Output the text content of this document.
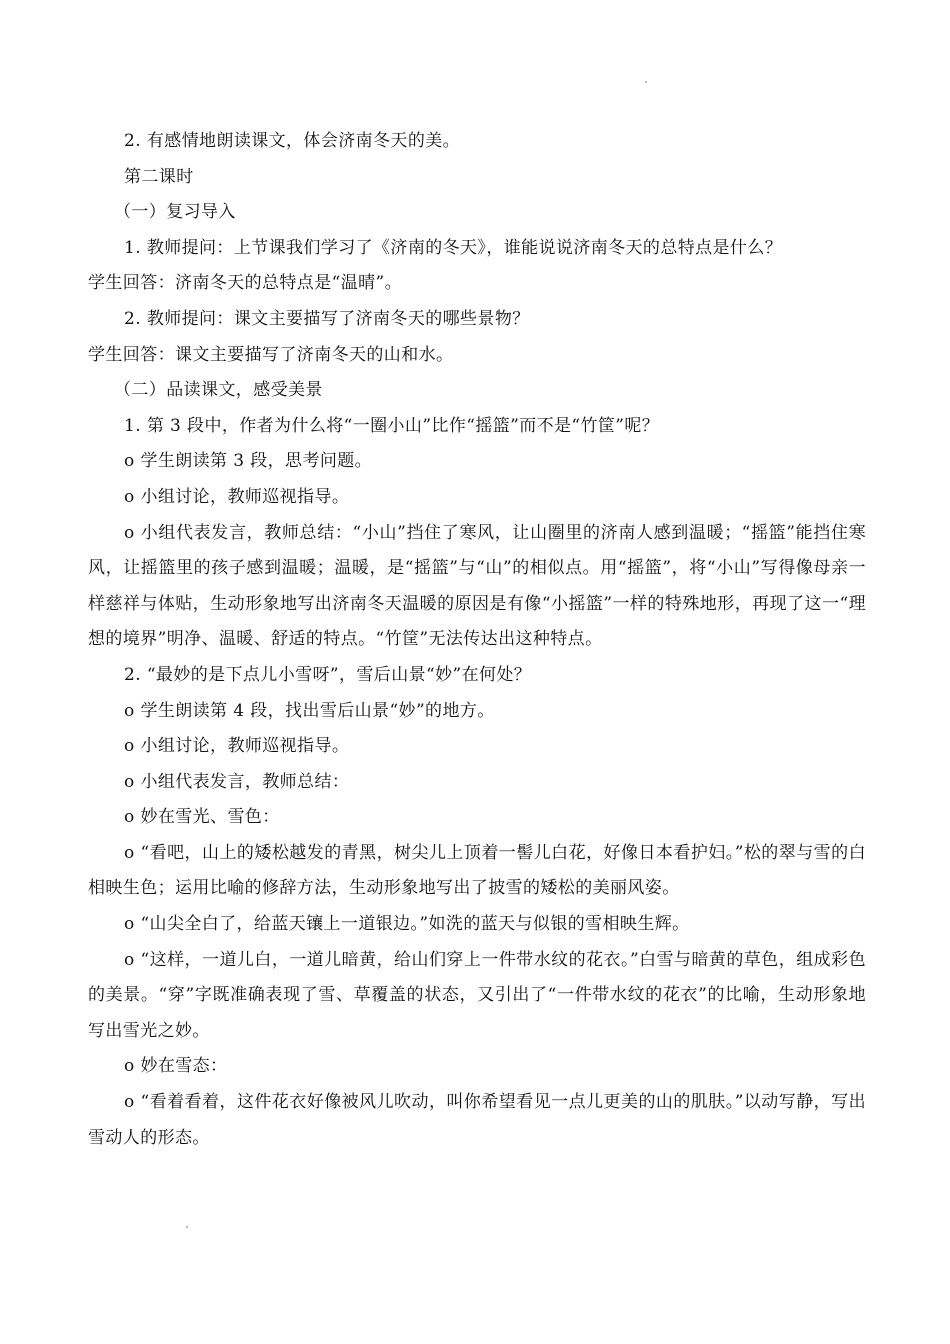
2. 有感情地朗读课文，体会济南冬天的美。

第二课时

（一）复习导入

1. 教师提问：上节课我们学习了《济南的冬天》，谁能说说济南冬天的总特点是什么？

学生回答：济南冬天的总特点是“温晴”。

2. 教师提问：课文主要描写了济南冬天的哪些景物？

学生回答：课文主要描写了济南冬天的山和水。

（二）品读课文，感受美景

1. 第 3 段中，作者为什么将“一圈小山”比作“摇篮”而不是“竹筐”呢？

o 学生朗读第 3 段，思考问题。

o 小组讨论，教师巡视指导。

o 小组代表发言，教师总结：“小山”挡住了寒风，让山圈里的济南人感到温暖；“摇篮”能挡住寒风，让摇篮里的孩子感到温暖；温暖，是“摇篮”与“山”的相似点。用“摇篮”，将“小山”写得像母亲一样慈祥与体贴，生动形象地写出济南冬天温暖的原因是有像“小摇篮”一样的特殊地形，再现了这一“理想的境界”明净、温暖、舒适的特点。“竹筐”无法传达出这种特点。

2. “最妙的是下点儿小雪呀”，雪后山景“妙”在何处？

o 学生朗读第 4 段，找出雪后山景“妙”的地方。

o 小组讨论，教师巡视指导。

o 小组代表发言，教师总结：

o 妙在雪光、雪色：

o “看吧，山上的矮松越发的青黑，树尖儿上顶着一髻儿白花，好像日本看护妇。”松的翠与雪的白相映生色；运用比喻的修辞方法，生动形象地写出了披雪的矮松的美丽风姿。

o “山尖全白了，给蓝天镶上一道银边。”如洗的蓝天与似银的雪相映生辉。

o “这样，一道儿白，一道儿暗黄，给山们穿上一件带水纹的花衣。”白雪与暗黄的草色，组成彩色的美景。“穿”字既准确表现了雪、草覆盖的状态，又引出了“一件带水纹的花衣”的比喻，生动形象地写出雪光之妙。

o 妙在雪态：

o “看着看着，这件花衣好像被风儿吹动，叫你希望看见一点儿更美的山的肌肤。”以动写静，写出雪动人的形态。
